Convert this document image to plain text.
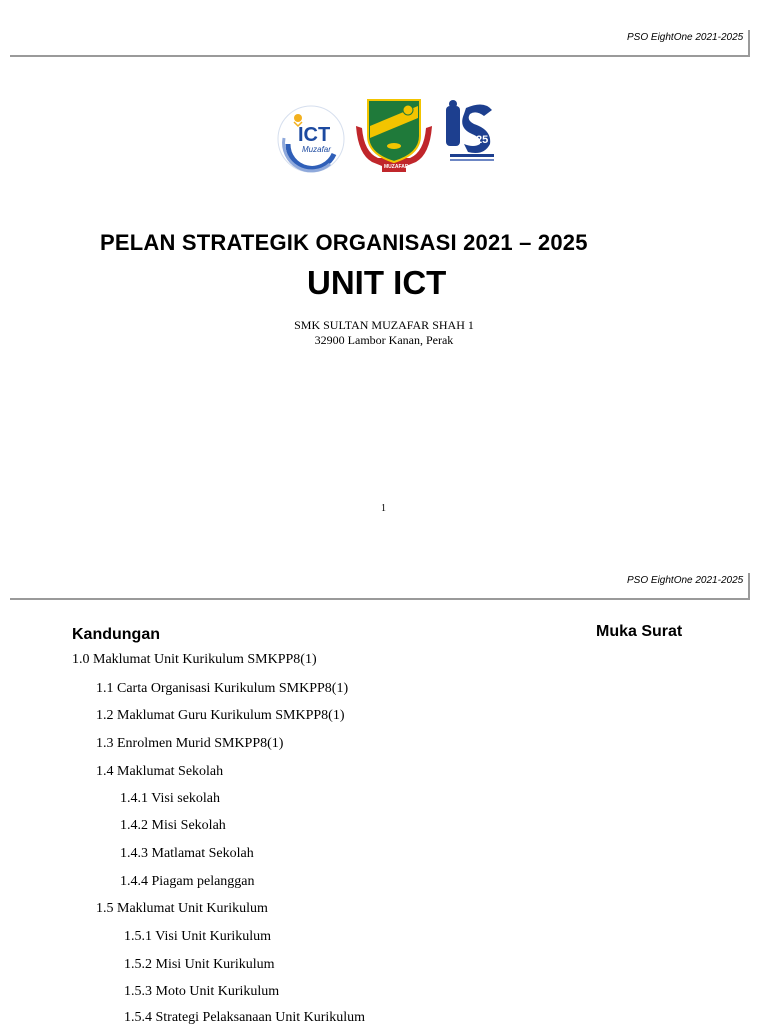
PSO EightOne 2021-2025
ICT
Muzafar
MUZAFAR
25
PELAN STRATEGIK ORGANISASI 2021 – 2025
UNIT ICT
SMK SULTAN MUZAFAR SHAH 1
32900 Lambor Kanan, Perak
1
PSO EightOne 2021-2025
Kandungan	Muka Surat
1.0 Maklumat Unit Kurikulum SMKPP8(1)
1.1 Carta Organisasi Kurikulum SMKPP8(1)
1.2 Maklumat Guru Kurikulum SMKPP8(1)
1.3 Enrolmen Murid SMKPP8(1)
1.4 Maklumat Sekolah
1.4.1 Visi sekolah
1.4.2 Misi Sekolah
1.4.3 Matlamat Sekolah
1.4.4 Piagam pelanggan
1.5 Maklumat Unit Kurikulum
1.5.1 Visi Unit Kurikulum
1.5.2 Misi Unit Kurikulum
1.5.3 Moto Unit Kurikulum
1.5.4 Strategi Pelaksanaan Unit Kurikulum
